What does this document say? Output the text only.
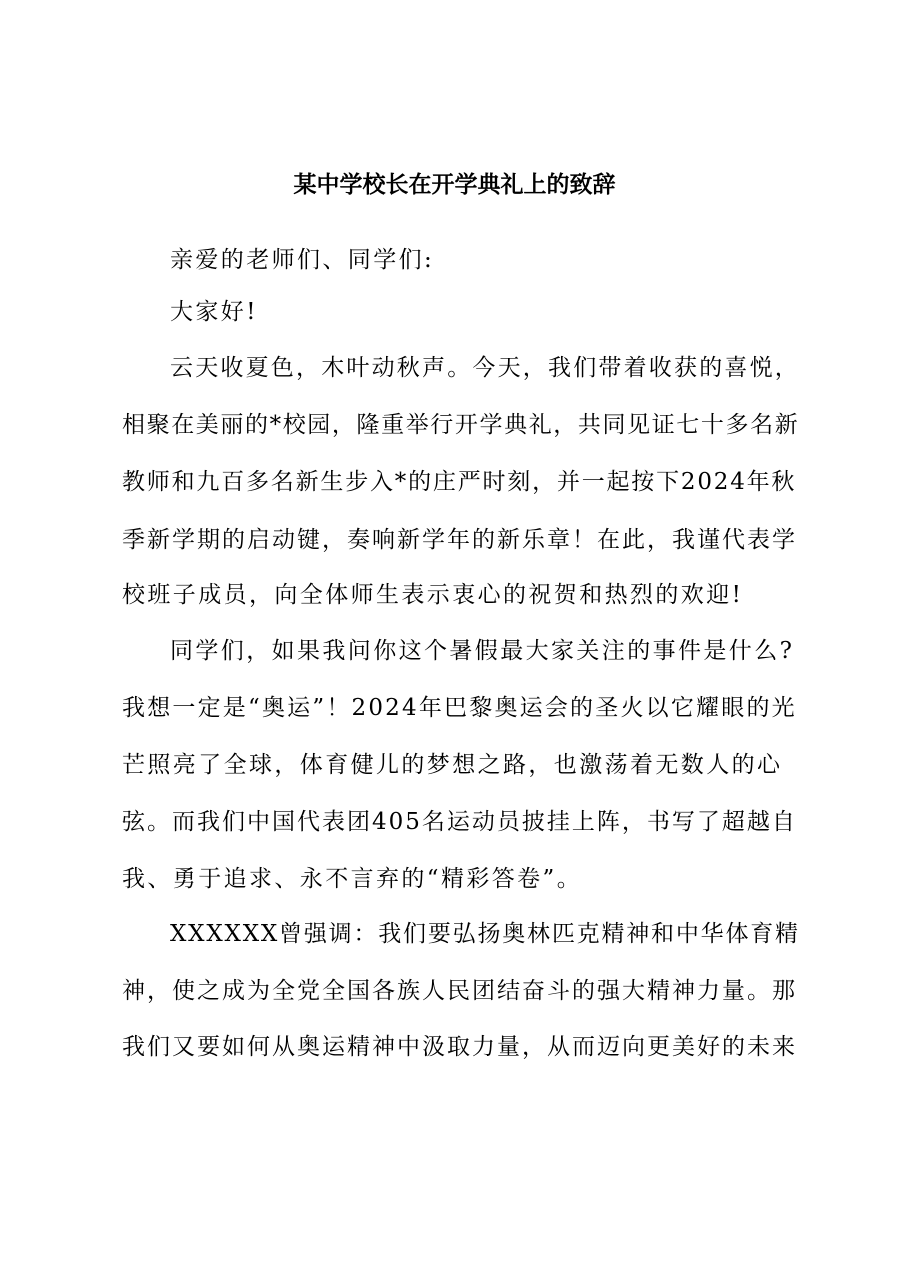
某中学校长在开学典礼上的致辞
亲爱的老师们、同学们:
大家好!
云天收夏色，木叶动秋声。今天，我们带着收获的喜悦，
相聚在美丽的*校园，隆重举行开学典礼，共同见证七十多名新
教师和九百多名新生步入*的庄严时刻，并一起按下2024年秋
季新学期的启动键，奏响新学年的新乐章！在此，我谨代表学
校班子成员，向全体师生表示衷心的祝贺和热烈的欢迎!
同学们，如果我问你这个暑假最大家关注的事件是什么?
我想一定是“奥运”！2024年巴黎奥运会的圣火以它耀眼的光
芒照亮了全球，体育健儿的梦想之路，也激荡着无数人的心
弦。而我们中国代表团405名运动员披挂上阵，书写了超越自
我、勇于追求、永不言弃的“精彩答卷”。
XXXXXX曾强调：我们要弘扬奥林匹克精神和中华体育精
神，使之成为全党全国各族人民团结奋斗的强大精神力量。那
我们又要如何从奥运精神中汲取力量，从而迈向更美好的未来
